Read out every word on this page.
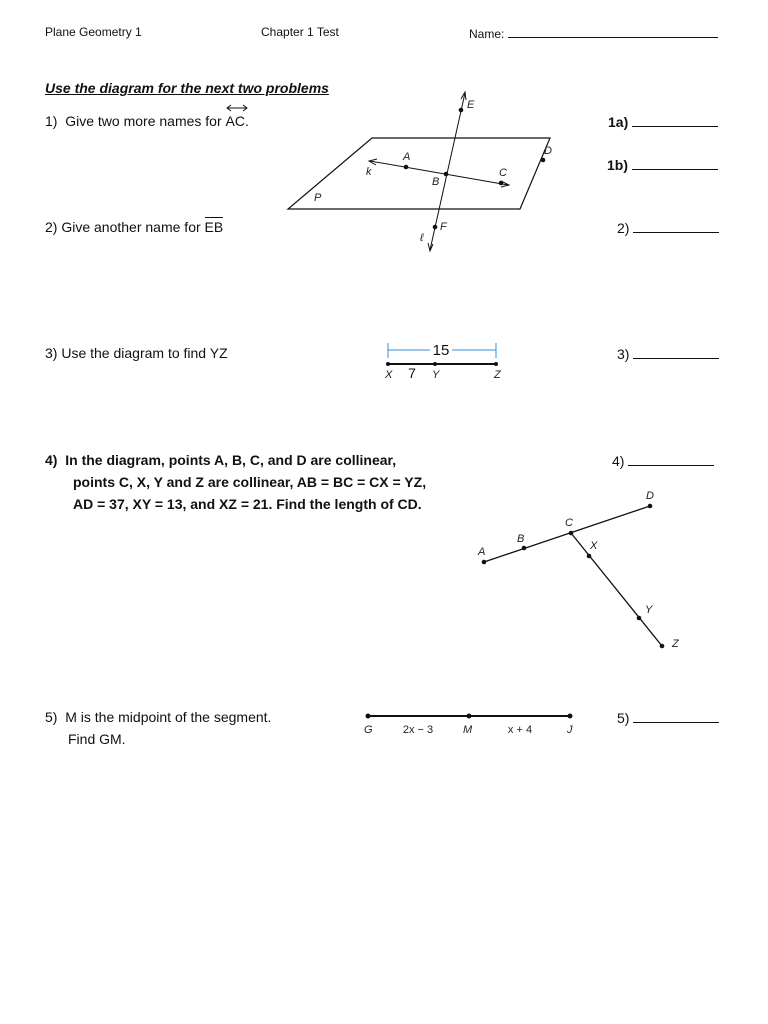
Plane Geometry 1	Chapter 1 Test	Name:
Use the diagram for the next two problems
1) Give two more names for AC.	1a)
1b)
2) Give another name for EB	2)
E
A
B
C
D
F
P
k
ℓ
3) Use the diagram to find YZ	3)
15
X 7 Y	Z
4) In the diagram, points A, B, C, and D are collinear,
points C, X, Y and Z are collinear, AB = BC = CX = YZ,
AD = 37, XY = 13, and XZ = 21. Find the length of CD.
4)
A
B
C
D
X
Y
Z
5) M is the midpoint of the segment.
Find GM.
5)
G	2x − 3	M	x + 4	J
